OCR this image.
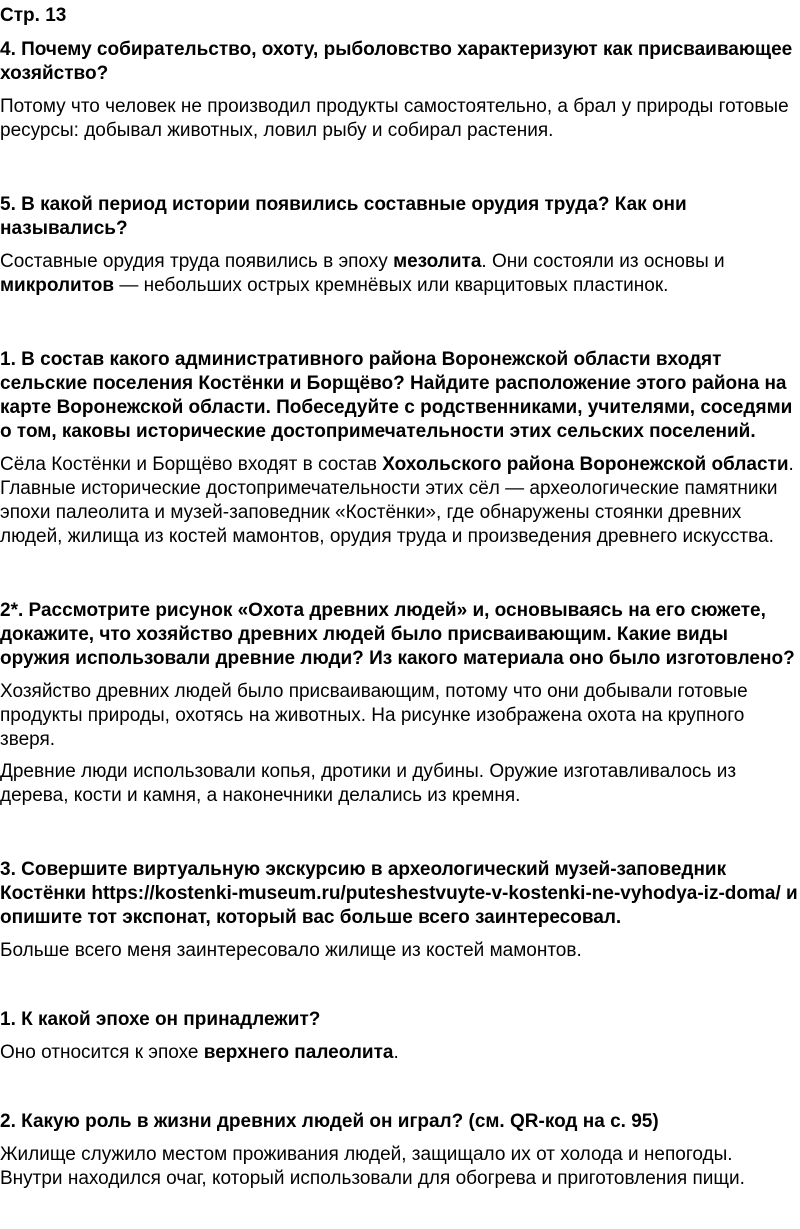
Стр. 13
4. Почему собирательство, охоту, рыболовство характеризуют как присваивающее хозяйство?
Потому что человек не производил продукты самостоятельно, а брал у природы готовые ресурсы: добывал животных, ловил рыбу и собирал растения.
5. В какой период истории появились составные орудия труда? Как они назывались?
Составные орудия труда появились в эпоху мезолита. Они состояли из основы и микролитов — небольших острых кремнёвых или кварцитовых пластинок.
1. В состав какого административного района Воронежской области входят сельские поселения Костёнки и Борщёво? Найдите расположение этого района на карте Воронежской области. Побеседуйте с родственниками, учителями, соседями о том, каковы исторические достопримечательности этих сельских поселений.
Сёла Костёнки и Борщёво входят в состав Хохольского района Воронежской области. Главные исторические достопримечательности этих сёл — археологические памятники эпохи палеолита и музей-заповедник «Костёнки», где обнаружены стоянки древних людей, жилища из костей мамонтов, орудия труда и произведения древнего искусства.
2*. Рассмотрите рисунок «Охота древних людей» и, основываясь на его сюжете, докажите, что хозяйство древних людей было присваивающим. Какие виды оружия использовали древние люди? Из какого материала оно было изготовлено?
Хозяйство древних людей было присваивающим, потому что они добывали готовые продукты природы, охотясь на животных. На рисунке изображена охота на крупного зверя.
Древние люди использовали копья, дротики и дубины. Оружие изготавливалось из дерева, кости и камня, а наконечники делались из кремня.
3. Совершите виртуальную экскурсию в археологический музей-заповедник Костёнки https://kostenki-museum.ru/puteshestvuyte-v-kostenki-ne-vyhodya-iz-doma/ и опишите тот экспонат, который вас больше всего заинтересовал.
Больше всего меня заинтересовало жилище из костей мамонтов.
1. К какой эпохе он принадлежит?
Оно относится к эпохе верхнего палеолита.
2. Какую роль в жизни древних людей он играл? (см. QR-код на с. 95)
Жилище служило местом проживания людей, защищало их от холода и непогоды. Внутри находился очаг, который использовали для обогрева и приготовления пищи.
